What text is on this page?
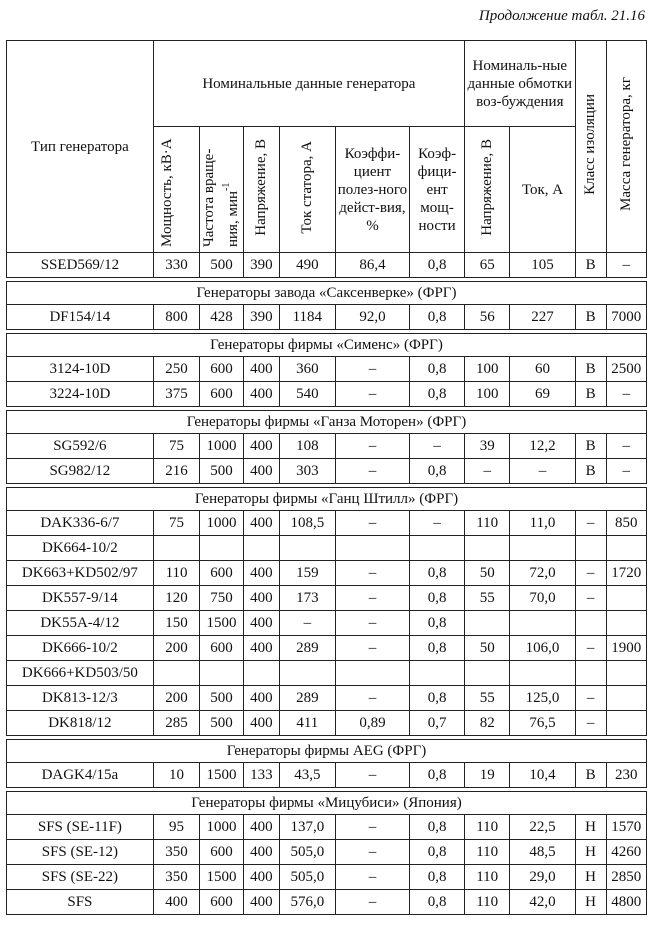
Продолжение табл. 21.16
Тип генератора	Номинальные данные генератора						Номиналь-ные данные обмотки воз-буждения		Класс изоляции	Масса генератора, кг
	Мощность, кВ·А	Частота враще- ния, мин$^{-1}$	Напряжение, В	Ток статора, А	Коэффи-циент полез-ного дейст-вия, %	Коэф-фици-ент мощ-ности	Напряжение, В	Ток, А		
SSED569/12	330	500	390	490	86,4	0,8	65	105	B	–

Генераторы завода «Саксенверке» (ФРГ)										
DF154/14	800	428	390	1184	92,0	0,8	56	227	B	7000

Генераторы фирмы «Сименс» (ФРГ)										
3124-10D	250	600	400	360	–	0,8	100	60	B	2500
3224-10D	375	600	400	540	–	0,8	100	69	B	–

Генераторы фирмы «Ганза Моторен» (ФРГ)										
SG592/6	75	1000	400	108	–	–	39	12,2	B	–
SG982/12	216	500	400	303	–	0,8	–	–	B	–

Генераторы фирмы «Ганц Штилл» (ФРГ)										
DAK336-6/7	75	1000	400	108,5	–	–	110	11,0	–	850
DK664-10/2										
DK663+KD502/97	110	600	400	159	–	0,8	50	72,0	–	1720
DK557-9/14	120	750	400	173	–	0,8	55	70,0	–	
DK55A-4/12	150	1500	400	–	–	0,8				
DK666-10/2	200	600	400	289	–	0,8	50	106,0	–	1900
DK666+KD503/50										
DK813-12/3	200	500	400	289	–	0,8	55	125,0	–	
DK818/12	285	500	400	411	0,89	0,7	82	76,5	–	

Генераторы фирмы AEG (ФРГ)										
DAGK4/15a	10	1500	133	43,5	–	0,8	19	10,4	B	230

Генераторы фирмы «Мицубиси» (Япония)										
SFS (SE-11F)	95	1000	400	137,0	–	0,8	110	22,5	H	1570
SFS (SE-12)	350	600	400	505,0	–	0,8	110	48,5	H	4260
SFS (SE-22)	350	1500	400	505,0	–	0,8	110	29,0	H	2850
SFS	400	600	400	576,0	–	0,8	110	42,0	H	4800
